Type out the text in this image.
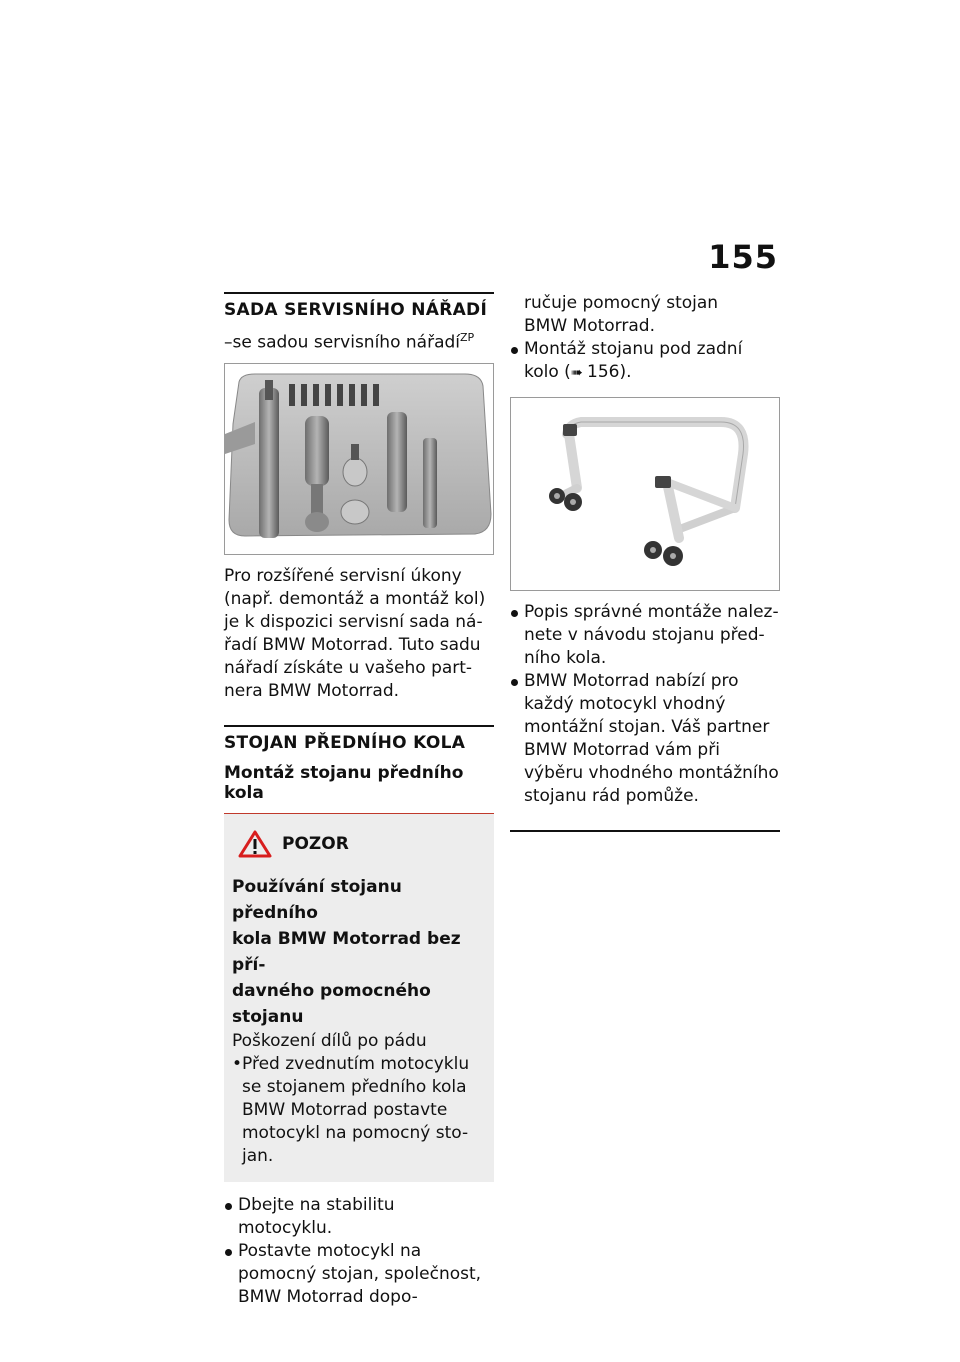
155
SADA SERVISNÍHO NÁŘADÍ
–se sadou servisního nářadí$^{ZP}$

Pro rozšířené servisní úkony

(např. demontáž a montáž kol)

je k dispozici servisní sada ná-

řadí BMW Motorrad. Tuto sadu

nářadí získáte u vašeho part-

nera BMW Motorrad.

STOJAN PŘEDNÍHO KOLA
Montáž stojanu předního kola
POZOR
Používání stojanu předního
kola BMW Motorrad bez pří-
davného pomocného stojanu
Poškození dílů po pádu
• Před zvednutím motocyklu
se stojanem předního kola
BMW Motorrad postavte
motocykl na pomocný sto-
jan.
Dbejte na stabilitu motocyklu.
Postavte motocykl na
pomocný stojan, společnost,
BMW Motorrad dopo-
ručuje pomocný stojan
BMW Motorrad.
Montáž stojanu pod zadní
kolo (➠ 156).
Popis správné montáže nalez-
nete v návodu stojanu před-
ního kola.
BMW Motorrad nabízí pro
každý motocykl vhodný
montážní stojan. Váš partner
BMW Motorrad vám při
výběru vhodného montážního
stojanu rád pomůže.
